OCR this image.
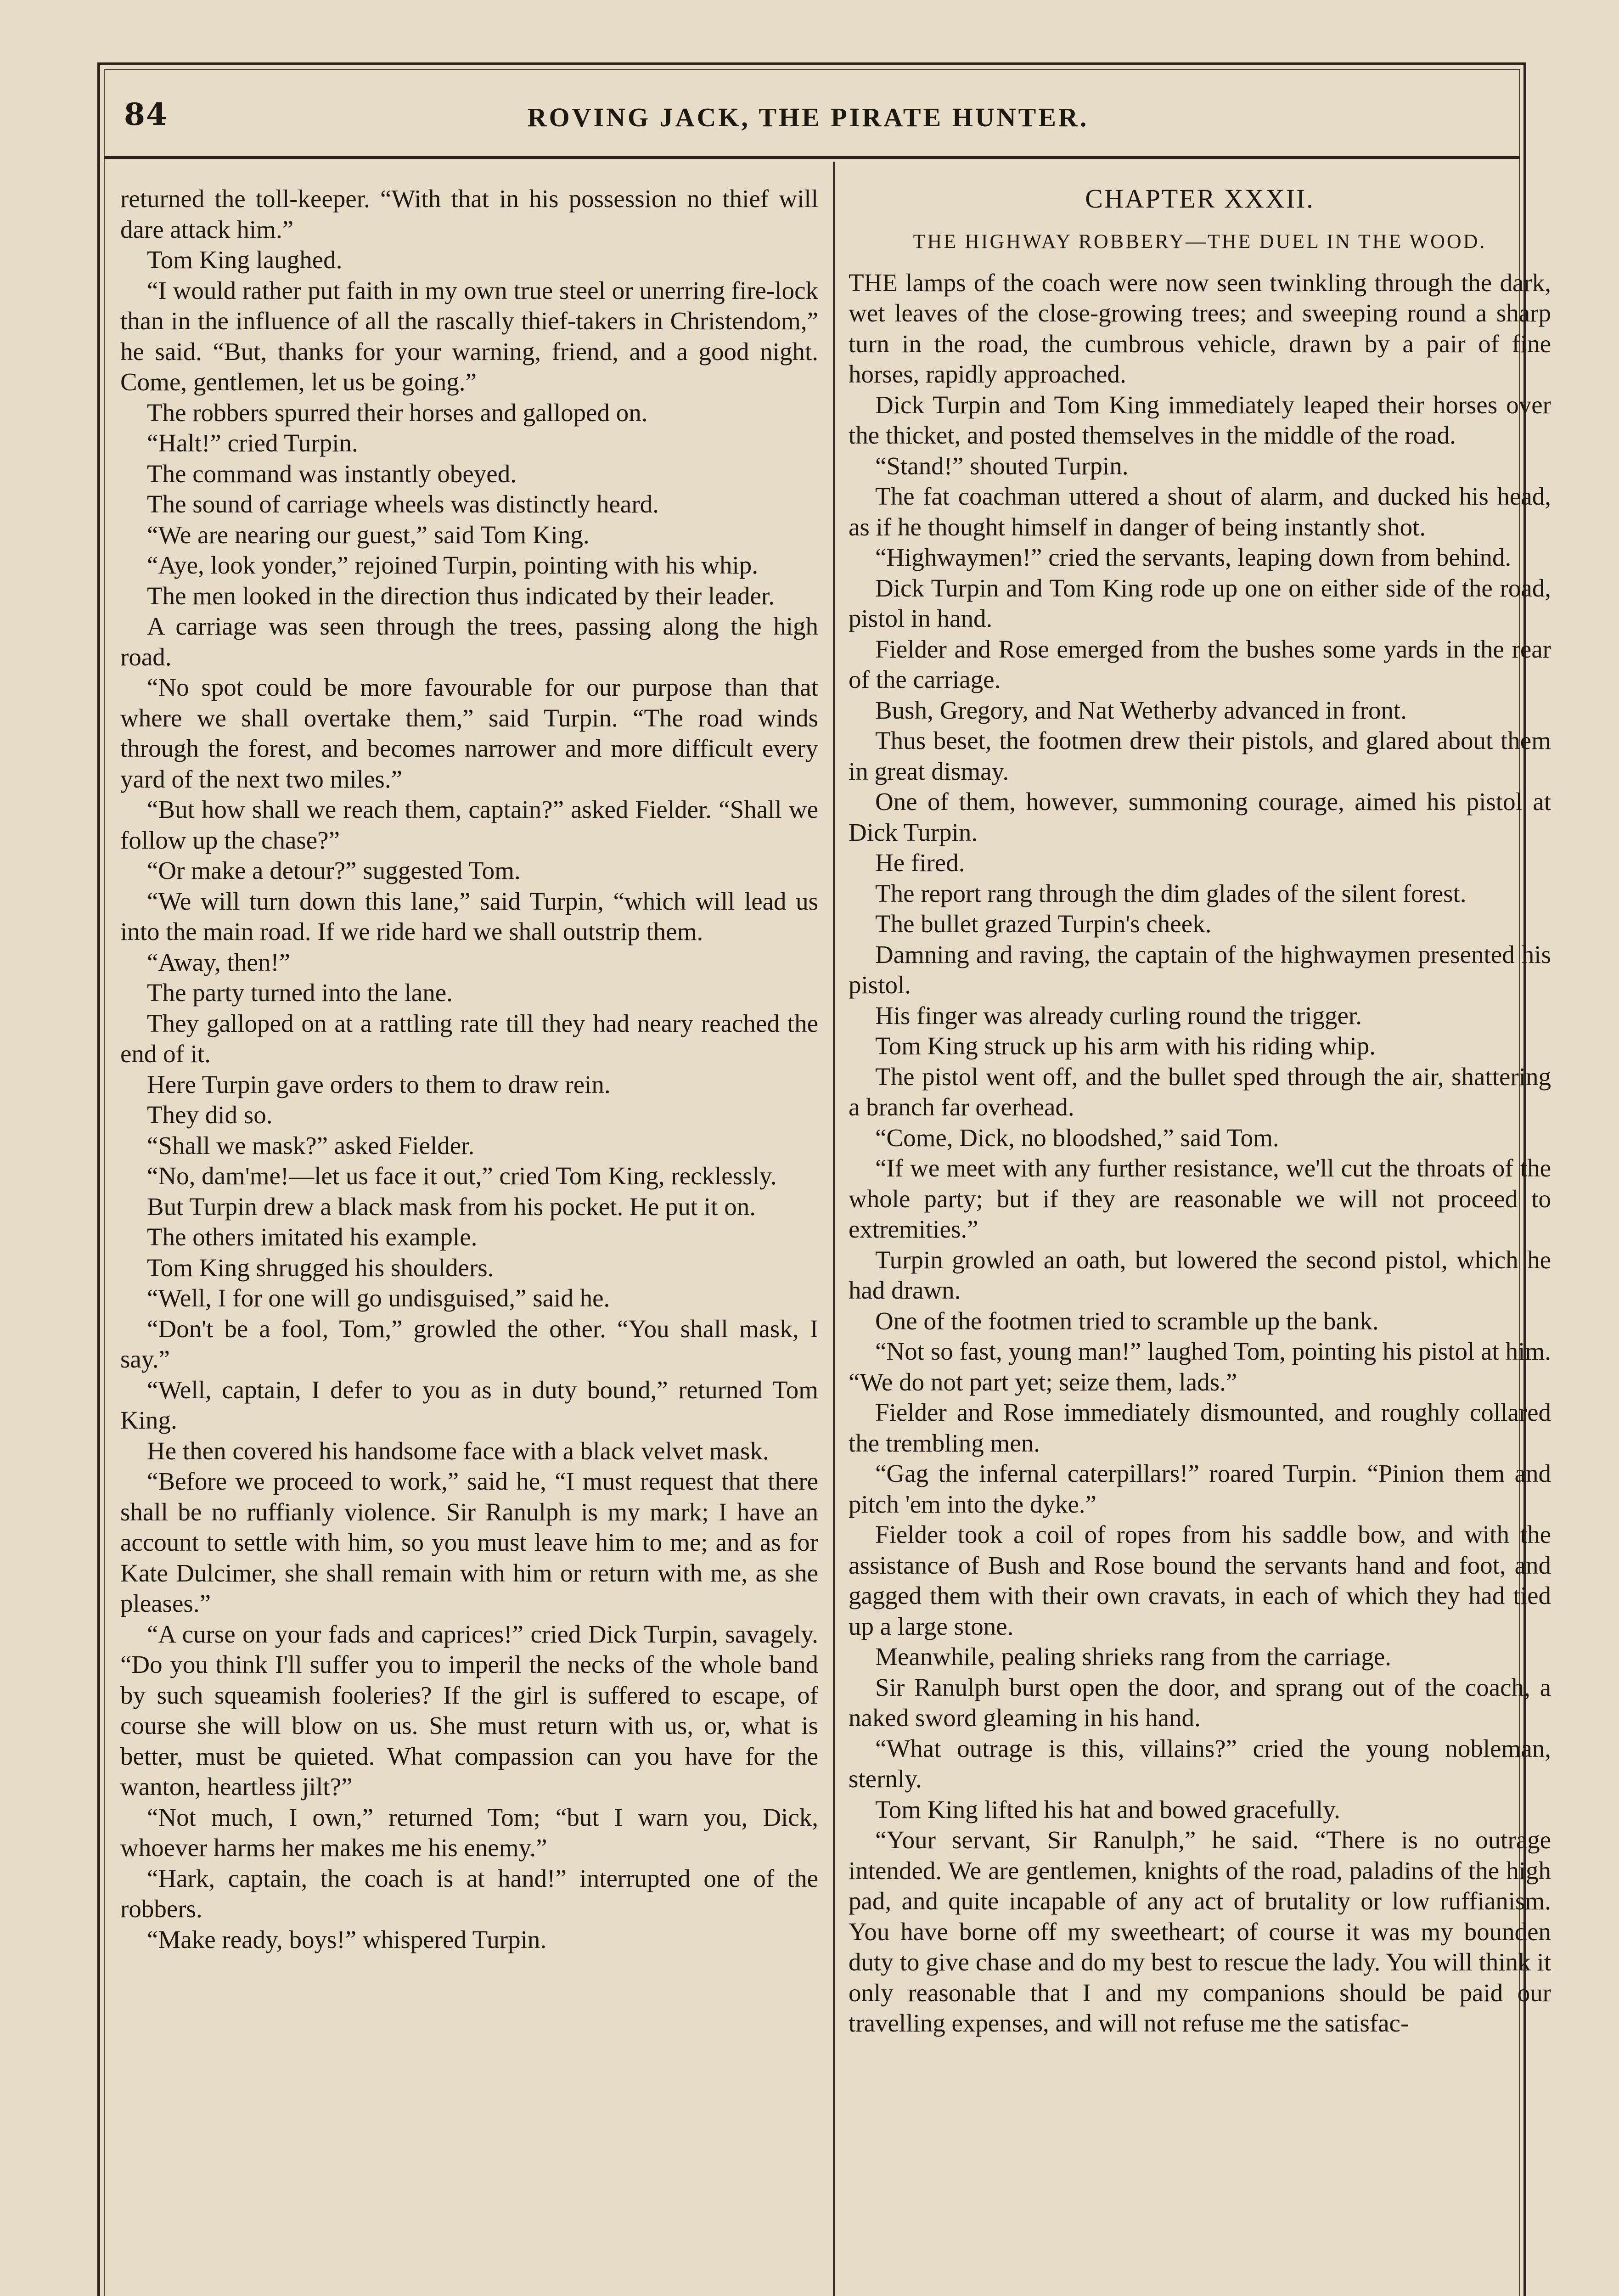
84	ROVING JACK, THE PIRATE HUNTER.

returned the toll-keeper. “With that in his possession no thief will dare attack him.”

Tom King laughed.

“I would rather put faith in my own true steel or unerring fire-lock than in the influence of all the rascally thief-takers in Christendom,” he said. “But, thanks for your warning, friend, and a good night. Come, gentlemen, let us be going.”

The robbers spurred their horses and galloped on.

“Halt!” cried Turpin.

The command was instantly obeyed.

The sound of carriage wheels was distinctly heard.

“We are nearing our guest,” said Tom King.

“Aye, look yonder,” rejoined Turpin, pointing with his whip.

The men looked in the direction thus indicated by their leader.

A carriage was seen through the trees, passing along the high road.

“No spot could be more favourable for our purpose than that where we shall overtake them,” said Turpin. “The road winds through the forest, and becomes narrower and more difficult every yard of the next two miles.”

“But how shall we reach them, captain?” asked Fielder. “Shall we follow up the chase?”

“Or make a detour?” suggested Tom.

“We will turn down this lane,” said Turpin, “which will lead us into the main road. If we ride hard we shall outstrip them.

“Away, then!”

The party turned into the lane.

They galloped on at a rattling rate till they had neary reached the end of it.

Here Turpin gave orders to them to draw rein.

They did so.

“Shall we mask?” asked Fielder.

“No, dam'me!—let us face it out,” cried Tom King, recklessly.

But Turpin drew a black mask from his pocket. He put it on.

The others imitated his example.

Tom King shrugged his shoulders.

“Well, I for one will go undisguised,” said he.

“Don't be a fool, Tom,” growled the other. “You shall mask, I say.”

“Well, captain, I defer to you as in duty bound,” returned Tom King.

He then covered his handsome face with a black velvet mask.

“Before we proceed to work,” said he, “I must request that there shall be no ruffianly violence. Sir Ranulph is my mark; I have an account to settle with him, so you must leave him to me; and as for Kate Dulcimer, she shall remain with him or return with me, as she pleases.”

“A curse on your fads and caprices!” cried Dick Turpin, savagely. “Do you think I'll suffer you to imperil the necks of the whole band by such squeamish fooleries? If the girl is suffered to escape, of course she will blow on us. She must return with us, or, what is better, must be quieted. What compassion can you have for the wanton, heartless jilt?”

“Not much, I own,” returned Tom; “but I warn you, Dick, whoever harms her makes me his enemy.”

“Hark, captain, the coach is at hand!” interrupted one of the robbers.

“Make ready, boys!” whispered Turpin.

CHAPTER XXXII.
THE HIGHWAY ROBBERY—THE DUEL IN THE WOOD.

THE lamps of the coach were now seen twinkling through the dark, wet leaves of the close-growing trees; and sweeping round a sharp turn in the road, the cumbrous vehicle, drawn by a pair of fine horses, rapidly approached.

Dick Turpin and Tom King immediately leaped their horses over the thicket, and posted themselves in the middle of the road.

“Stand!” shouted Turpin.

The fat coachman uttered a shout of alarm, and ducked his head, as if he thought himself in danger of being instantly shot.

“Highwaymen!” cried the servants, leaping down from behind.

Dick Turpin and Tom King rode up one on either side of the road, pistol in hand.

Fielder and Rose emerged from the bushes some yards in the rear of the carriage.

Bush, Gregory, and Nat Wetherby advanced in front.

Thus beset, the footmen drew their pistols, and glared about them in great dismay.

One of them, however, summoning courage, aimed his pistol at Dick Turpin.

He fired.

The report rang through the dim glades of the silent forest.

The bullet grazed Turpin's cheek.

Damning and raving, the captain of the highwaymen presented his pistol.

His finger was already curling round the trigger.

Tom King struck up his arm with his riding whip.

The pistol went off, and the bullet sped through the air, shattering a branch far overhead.

“Come, Dick, no bloodshed,” said Tom.

“If we meet with any further resistance, we'll cut the throats of the whole party; but if they are reasonable we will not proceed to extremities.”

Turpin growled an oath, but lowered the second pistol, which he had drawn.

One of the footmen tried to scramble up the bank.

“Not so fast, young man!” laughed Tom, pointing his pistol at him. “We do not part yet; seize them, lads.”

Fielder and Rose immediately dismounted, and roughly collared the trembling men.

“Gag the infernal caterpillars!” roared Turpin. “Pinion them and pitch 'em into the dyke.”

Fielder took a coil of ropes from his saddle bow, and with the assistance of Bush and Rose bound the servants hand and foot, and gagged them with their own cravats, in each of which they had tied up a large stone.

Meanwhile, pealing shrieks rang from the carriage.

Sir Ranulph burst open the door, and sprang out of the coach, a naked sword gleaming in his hand.

“What outrage is this, villains?” cried the young nobleman, sternly.

Tom King lifted his hat and bowed gracefully.

“Your servant, Sir Ranulph,” he said. “There is no outrage intended. We are gentlemen, knights of the road, paladins of the high pad, and quite incapable of any act of brutality or low ruffianism. You have borne off my sweetheart; of course it was my bounden duty to give chase and do my best to rescue the lady. You will think it only reasonable that I and my companions should be paid our travelling expenses, and will not refuse me the satisfac-
